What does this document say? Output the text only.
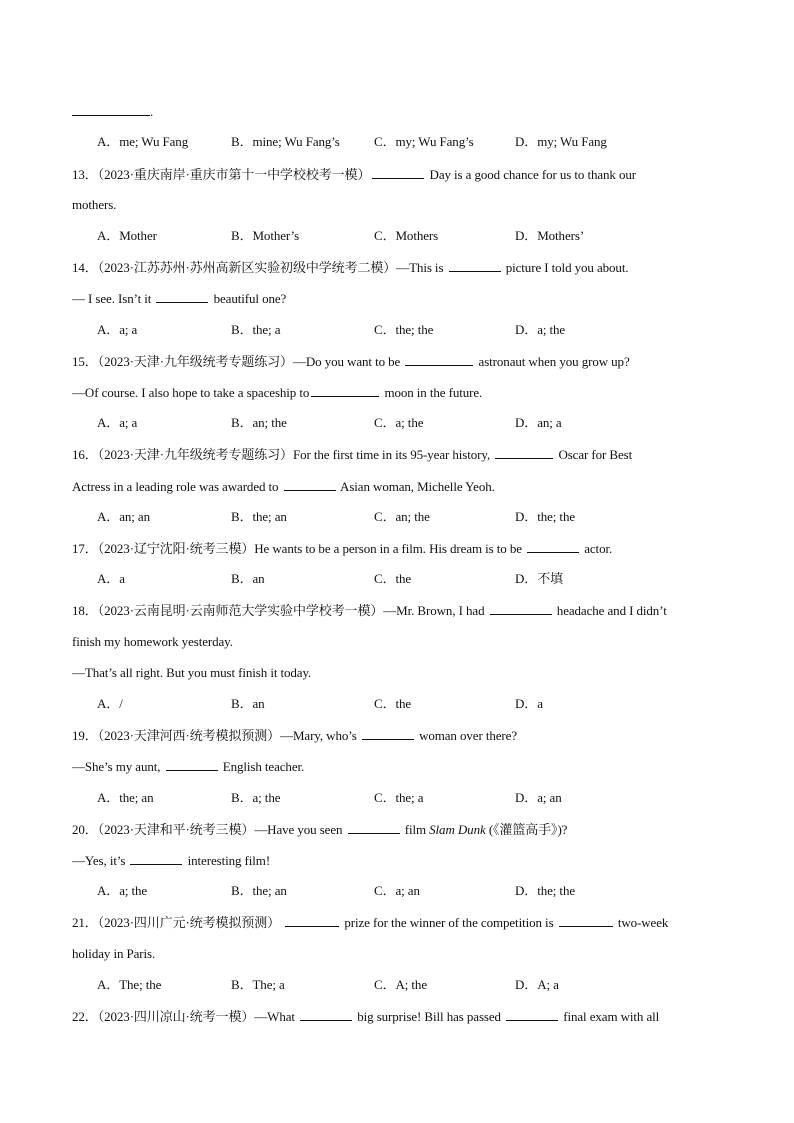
.
A．me; Wu Fang	B．mine; Wu Fang’s	C．my; Wu Fang’s	D．my; Wu Fang
13．（2023·重庆南岸·重庆市第十一中学校校考一模）	Day is a good chance for us to thank our
mothers.
A．Mother	B．Mother’s	C．Mothers	D．Mothers’
14．（2023·江苏苏州·苏州高新区实验初级中学统考二模）—This is	picture I told you about.
— I see. Isn’t it	beautiful one?
A．a; a	B．the; a	C．the; the	D．a; the
15．（2023·天津·九年级统考专题练习）—Do you want to be	astronaut when you grow up?
—Of course. I also hope to take a spaceship to	moon in the future.
A．a; a	B．an; the	C．a; the	D．an; a
16．（2023·天津·九年级统考专题练习）For the first time in its 95-year history,	Oscar for Best
Actress in a leading role was awarded to	Asian woman, Michelle Yeoh.
A．an; an	B．the; an	C．an; the	D．the; the
17．（2023·辽宁沈阳·统考三模）He wants to be a person in a film. His dream is to be	actor.
A．a	B．an	C．the	D．不填
18．（2023·云南昆明·云南师范大学实验中学校考一模）—Mr. Brown, I had	headache and I didn’t
finish my homework yesterday.
—That’s all right. But you must finish it today.
A．/	B．an	C．the	D．a
19．（2023·天津河西·统考模拟预测）—Mary, who’s	woman over there?
—She’s my aunt,	English teacher.
A．the; an	B．a; the	C．the; a	D．a; an
20．（2023·天津和平·统考三模）—Have you seen	film Slam Dunk (《灌篮高手》)?
—Yes, it’s	interesting film!
A．a; the	B．the; an	C．a; an	D．the; the
21．（2023·四川广元·统考模拟预测）	prize for the winner of the competition is	two-week
holiday in Paris.
A．The; the	B．The; a	C．A; the	D．A; a
22．（2023·四川凉山·统考一模）—What	big surprise! Bill has passed	final exam with all
